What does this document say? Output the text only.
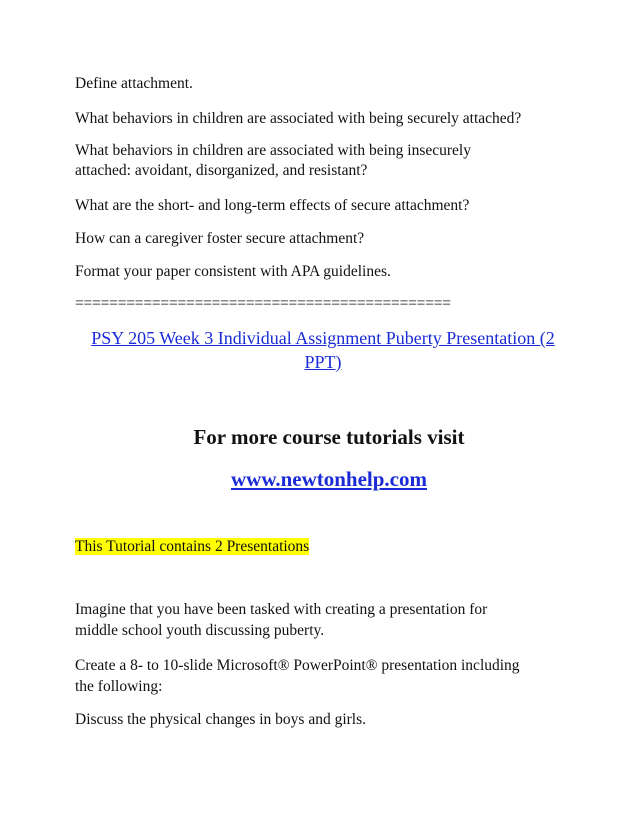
Define attachment.
What behaviors in children are associated with being securely attached?
What behaviors in children are associated with being insecurely
attached: avoidant, disorganized, and resistant?
What are the short- and long-term effects of secure attachment?
How can a caregiver foster secure attachment?
Format your paper consistent with APA guidelines.
============================================
PSY 205 Week 3 Individual Assignment Puberty Presentation (2
PPT)
For more course tutorials visit
www.newtonhelp.com
This Tutorial contains 2 Presentations
Imagine that you have been tasked with creating a presentation for
middle school youth discussing puberty.
Create a 8- to 10-slide Microsoft® PowerPoint® presentation including
the following:
Discuss the physical changes in boys and girls.
